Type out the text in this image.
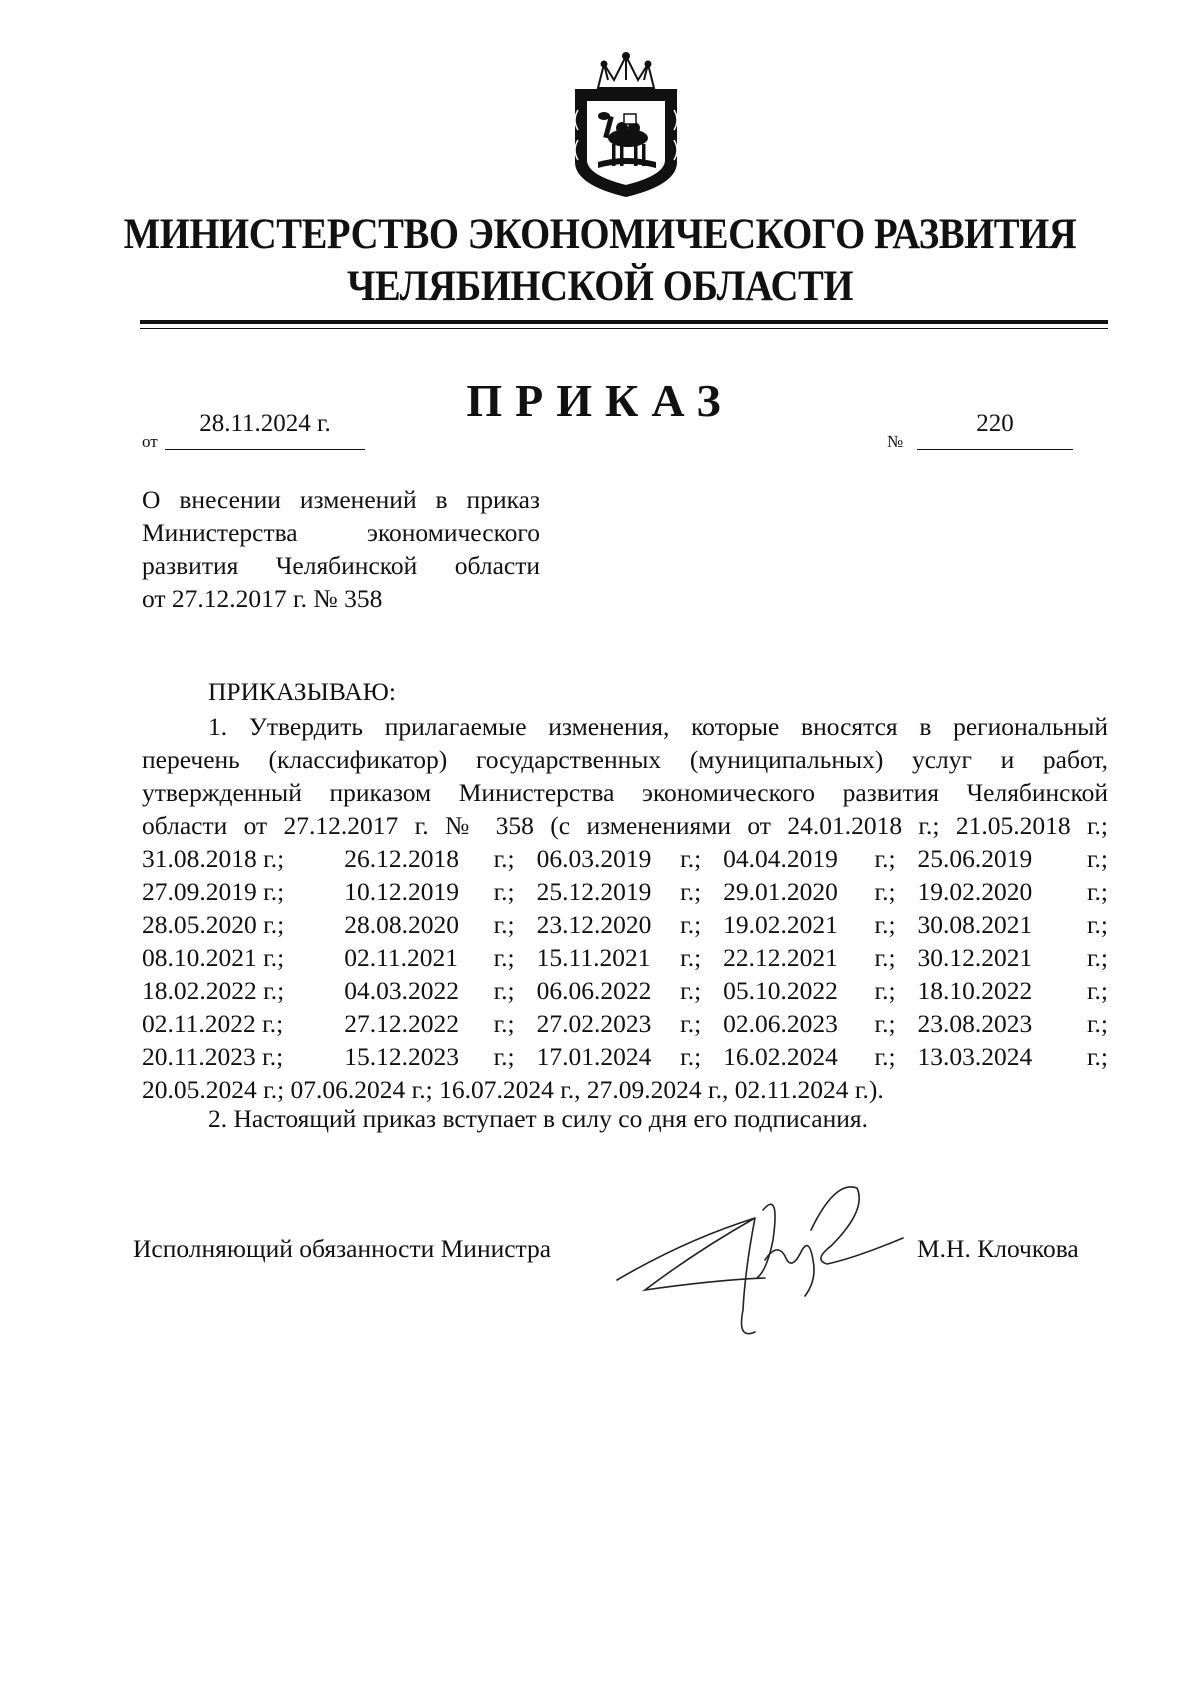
МИНИСТЕРСТВО ЭКОНОМИЧЕСКОГО РАЗВИТИЯ
ЧЕЛЯБИНСКОЙ ОБЛАСТИ
ПРИКАЗ
от
28.11.2024 г.
№
220
О внесении изменений в приказ
Министерства экономического
развития Челябинской области
от 27.12.2017 г. № 358
ПРИКАЗЫВАЮ:
1. Утвердить прилагаемые изменения, которые вносятся в региональный
перечень (классификатор) государственных (муниципальных) услуг и работ,
утвержденный приказом Министерства экономического развития Челябинской
области от 27.12.2017 г. № 358 (с изменениями от 24.01.2018 г.; 21.05.2018 г.;
31.08.2018 г.;	26.12.2018 г.; 06.03.2019 г.; 04.04.2019 г.; 25.06.2019 г.;
27.09.2019 г.;	10.12.2019 г.; 25.12.2019 г.; 29.01.2020 г.; 19.02.2020 г.;
28.05.2020 г.;	28.08.2020 г.; 23.12.2020 г.; 19.02.2021 г.; 30.08.2021 г.;
08.10.2021 г.;	02.11.2021 г.; 15.11.2021 г.; 22.12.2021 г.; 30.12.2021 г.;
18.02.2022 г.;	04.03.2022 г.; 06.06.2022 г.; 05.10.2022 г.; 18.10.2022 г.;
02.11.2022 г.;	27.12.2022 г.; 27.02.2023 г.; 02.06.2023 г.; 23.08.2023 г.;
20.11.2023 г.;	15.12.2023 г.; 17.01.2024 г.; 16.02.2024 г.; 13.03.2024 г.;
20.05.2024 г.; 07.06.2024 г.; 16.07.2024 г., 27.09.2024 г., 02.11.2024 г.).
2. Настоящий приказ вступает в силу со дня его подписания.
Исполняющий обязанности Министра	М.Н. Клочкова
